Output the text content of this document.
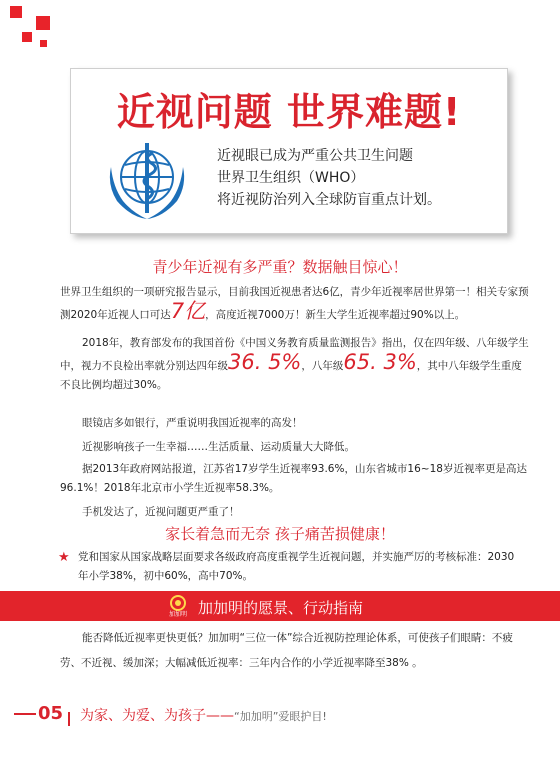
近视问题 世界难题!
近视眼已成为严重公共卫生问题
世界卫生组织（WHO）
将近视防治列入全球防盲重点计划。
青少年近视有多严重？数据触目惊心！
世界卫生组织的一项研究报告显示，目前我国近视患者达6亿，青少年近视率居世界第一！相关专家预测2020年近视人口可达7亿，高度近视7000万！新生大学生近视率超过90%以上。
2018年，教育部发布的我国首份《中国义务教育质量监测报告》指出，仅在四年级、八年级学生中，视力不良检出率就分别达四年级36. 5%，八年级65. 3%，其中八年级学生重度不良比例均超过30%。
眼镜店多如银行，严重说明我国近视率的高发！
近视影响孩子一生幸福……生活质量、运动质量大大降低。
据2013年政府网站报道，江苏省17岁学生近视率93.6%，山东省城市16~18岁近视率更是高达96.1%！2018年北京市小学生近视率58.3%。
手机发达了，近视问题更严重了！
家长着急而无奈 孩子痛苦损健康！
★ 党和国家从国家战略层面要求各级政府高度重视学生近视问题，并实施严厉的考核标准：2030年小学38%，初中60%，高中70%。
加加明 加加明的愿景、行动指南
能否降低近视率更快更低？加加明“三位一体”综合近视防控理论体系，可使孩子们眼睛：不疲劳、不近视、缓加深；大幅减低近视率：三年内合作的小学近视率降至38% 。
05 为家、为爱、为孩子——“加加明”爱眼护目!
